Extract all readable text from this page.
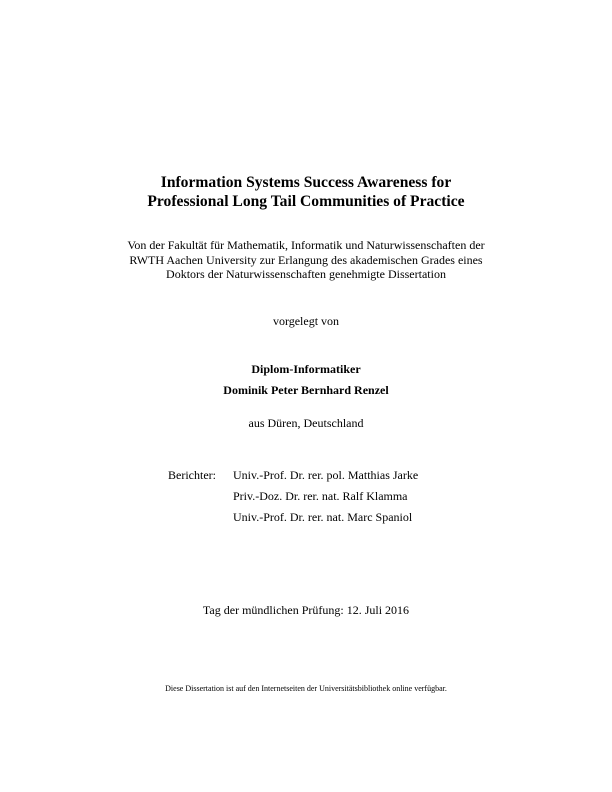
Information Systems Success Awareness for
Professional Long Tail Communities of Practice
Von der Fakultät für Mathematik, Informatik und Naturwissenschaften der
RWTH Aachen University zur Erlangung des akademischen Grades eines
Doktors der Naturwissenschaften genehmigte Dissertation
vorgelegt von
Diplom-Informatiker
Dominik Peter Bernhard Renzel
aus Düren, Deutschland
Berichter: Univ.-Prof. Dr. rer. pol. Matthias Jarke
Priv.-Doz. Dr. rer. nat. Ralf Klamma
Univ.-Prof. Dr. rer. nat. Marc Spaniol
Tag der mündlichen Prüfung: 12. Juli 2016
Diese Dissertation ist auf den Internetseiten der Universitätsbibliothek online verfügbar.
